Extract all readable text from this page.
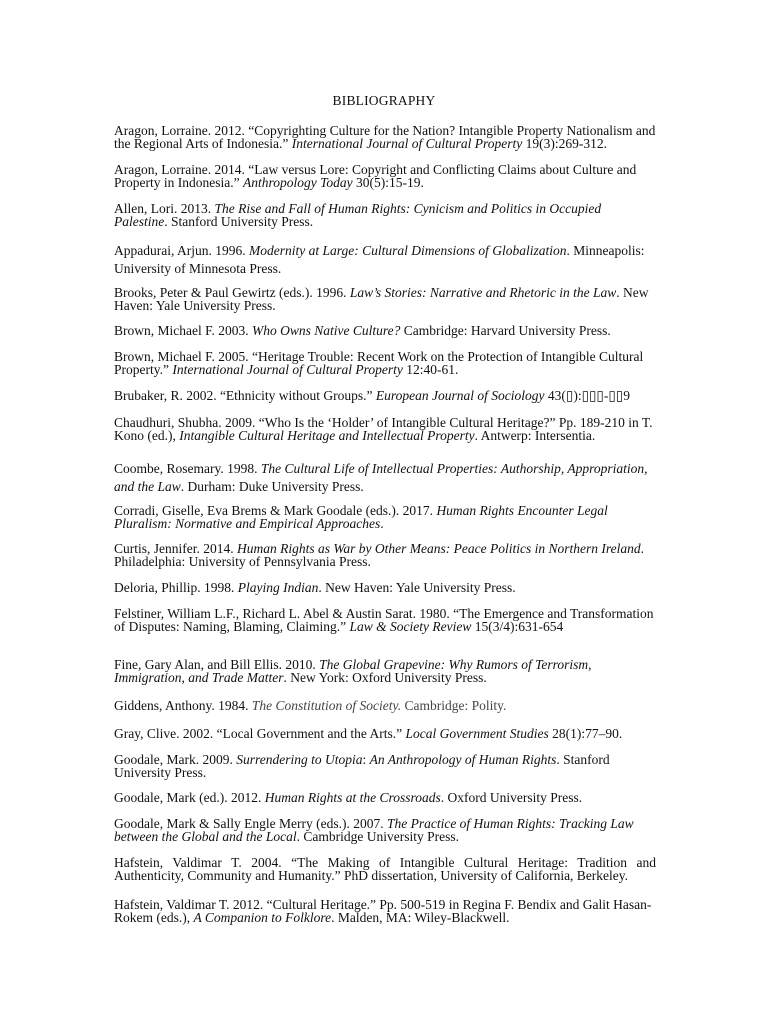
BIBLIOGRAPHY
Aragon, Lorraine. 2012. “Copyrighting Culture for the Nation? Intangible Property Nationalism and the Regional Arts of Indonesia.” International Journal of Cultural Property 19(3):269-312.
Aragon, Lorraine. 2014. “Law versus Lore: Copyright and Conflicting Claims about Culture and Property in Indonesia.” Anthropology Today 30(5):15-19.
Allen, Lori. 2013. The Rise and Fall of Human Rights: Cynicism and Politics in Occupied Palestine. Stanford University Press.
Appadurai, Arjun. 1996. Modernity at Large: Cultural Dimensions of Globalization. Minneapolis: University of Minnesota Press.
Brooks, Peter & Paul Gewirtz (eds.). 1996. Law’s Stories: Narrative and Rhetoric in the Law. New Haven: Yale University Press.
Brown, Michael F. 2003. Who Owns Native Culture? Cambridge: Harvard University Press.
Brown, Michael F. 2005. “Heritage Trouble: Recent Work on the Protection of Intangible Cultural Property.” International Journal of Cultural Property 12:40-61.
Brubaker, R. 2002. “Ethnicity without Groups.” European Journal of Sociology 43(▯):▯▯▯-▯▯9
Chaudhuri, Shubha. 2009. “Who Is the ‘Holder’ of Intangible Cultural Heritage?” Pp. 189-210 in T. Kono (ed.), Intangible Cultural Heritage and Intellectual Property. Antwerp: Intersentia.
Coombe, Rosemary. 1998. The Cultural Life of Intellectual Properties: Authorship, Appropriation, and the Law. Durham: Duke University Press.
Corradi, Giselle, Eva Brems & Mark Goodale (eds.). 2017. Human Rights Encounter Legal Pluralism: Normative and Empirical Approaches.
Curtis, Jennifer. 2014. Human Rights as War by Other Means: Peace Politics in Northern Ireland. Philadelphia: University of Pennsylvania Press.
Deloria, Phillip. 1998. Playing Indian. New Haven: Yale University Press.
Felstiner, William L.F., Richard L. Abel & Austin Sarat. 1980. “The Emergence and Transformation of Disputes: Naming, Blaming, Claiming.” Law & Society Review 15(3/4):631-654
Fine, Gary Alan, and Bill Ellis. 2010. The Global Grapevine: Why Rumors of Terrorism, Immigration, and Trade Matter. New York: Oxford University Press.
Giddens, Anthony. 1984. The Constitution of Society. Cambridge: Polity.
Gray, Clive. 2002. “Local Government and the Arts.” Local Government Studies 28(1):77–90.
Goodale, Mark. 2009. Surrendering to Utopia: An Anthropology of Human Rights. Stanford University Press.
Goodale, Mark (ed.). 2012. Human Rights at the Crossroads. Oxford University Press.
Goodale, Mark & Sally Engle Merry (eds.). 2007. The Practice of Human Rights: Tracking Law between the Global and the Local. Cambridge University Press.
Hafstein, Valdimar T. 2004. “The Making of Intangible Cultural Heritage: Tradition and Authenticity, Community and Humanity.” PhD dissertation, University of California, Berkeley.
Hafstein, Valdimar T. 2012. “Cultural Heritage.” Pp. 500-519 in Regina F. Bendix and Galit Hasan-Rokem (eds.), A Companion to Folklore. Malden, MA: Wiley-Blackwell.
